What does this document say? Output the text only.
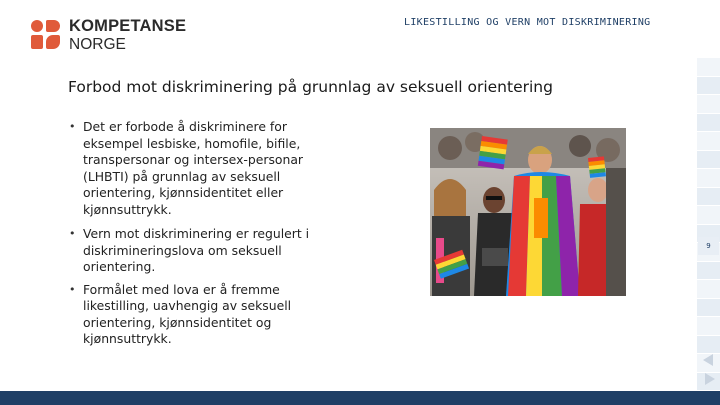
KOMPETANSE
NORGE
LIKESTILLING OG VERN MOT DISKRIMINERING
Forbod mot diskriminering på grunnlag av seksuell orientering
• Det er forbode å diskriminere for eksempel lesbiske, homofile, bifile, transpersonar og intersex-personar (LHBTI) på grunnlag av seksuell orientering, kjønnsidentitet eller kjønnsuttrykk.
• Vern mot diskriminering er regulert i diskrimineringslova om seksuell orientering.
• Formålet med lova er å fremme likestilling, uavhengig av seksuell orientering, kjønnsidentitet og kjønnsuttrykk.
9
